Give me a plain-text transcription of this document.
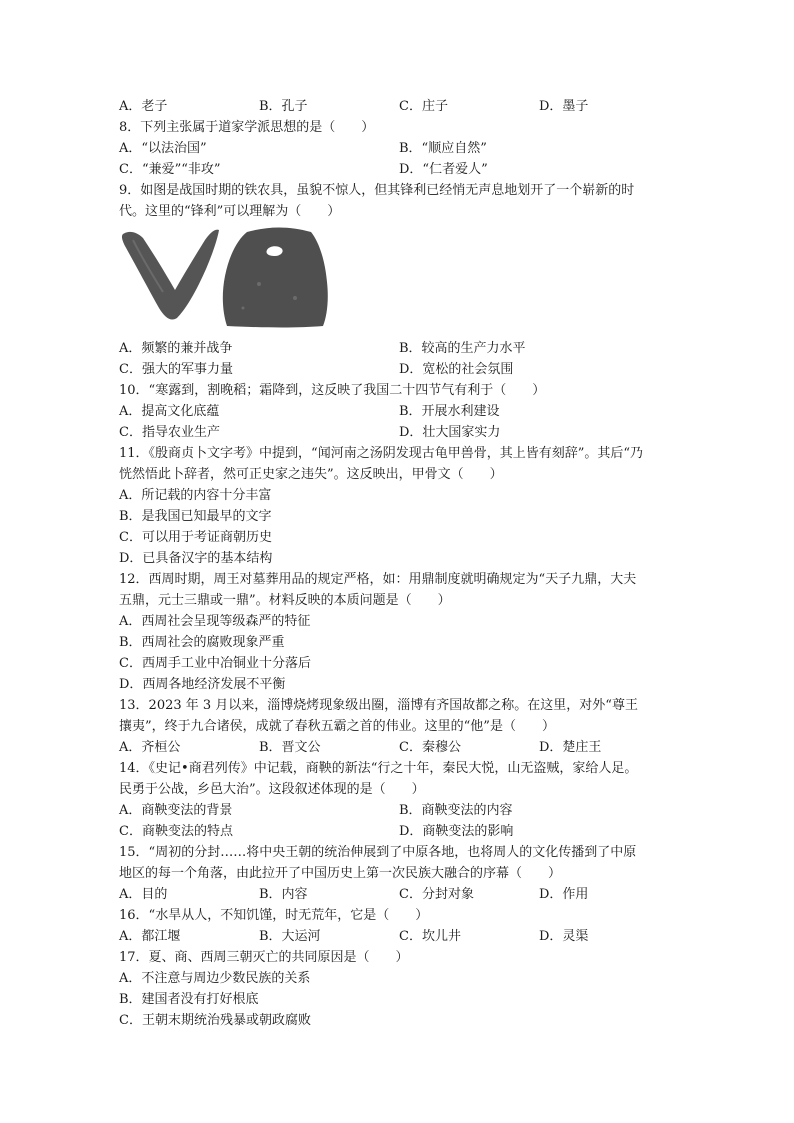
A．老子	B．孔子	C．庄子	D．墨子
8．下列主张属于道家学派思想的是（　　）
A．“以法治国”	B．“顺应自然”
C．“兼爱”“非攻”	D．“仁者爱人”
9．如图是战国时期的铁农具，虽貌不惊人，但其锋利已经悄无声息地划开了一个崭新的时
代。这里的“锋利”可以理解为（　　）
A．频繁的兼并战争	B．较高的生产力水平
C．强大的军事力量	D．宽松的社会氛围
10．“寒露到，割晚稻；霜降到，这反映了我国二十四节气有利于（　　）
A．提高文化底蕴	B．开展水利建设
C．指导农业生产	D．壮大国家实力
11．《殷商贞卜文字考》中提到，“闻河南之汤阴发现古龟甲兽骨，其上皆有刻辞”。其后“乃
恍然悟此卜辞者，然可正史家之违失”。这反映出，甲骨文（　　）
A．所记载的内容十分丰富
B．是我国已知最早的文字
C．可以用于考证商朝历史
D．已具备汉字的基本结构
12．西周时期，周王对墓葬用品的规定严格，如：用鼎制度就明确规定为“天子九鼎，大夫
五鼎，元士三鼎或一鼎”。材料反映的本质问题是（　　）
A．西周社会呈现等级森严的特征
B．西周社会的腐败现象严重
C．西周手工业中冶铜业十分落后
D．西周各地经济发展不平衡
13．2023 年 3 月以来，淄博烧烤现象级出圈，淄博有齐国故都之称。在这里，对外“尊王
攘夷”，终于九合诸侯，成就了春秋五霸之首的伟业。这里的“他”是（　　）
A．齐桓公	B．晋文公	C．秦穆公	D．楚庄王
14．《史记•商君列传》中记载，商鞅的新法“行之十年，秦民大悦，山无盗贼，家给人足。
民勇于公战，乡邑大治”。这段叙述体现的是（　　）
A．商鞅变法的背景	B．商鞅变法的内容
C．商鞅变法的特点	D．商鞅变法的影响
15．“周初的分封……将中央王朝的统治伸展到了中原各地，也将周人的文化传播到了中原
地区的每一个角落，由此拉开了中国历史上第一次民族大融合的序幕（　　）
A．目的	B．内容	C．分封对象	D．作用
16．“水旱从人，不知饥馑，时无荒年，它是（　　）
A．都江堰	B．大运河	C．坎儿井	D．灵渠
17．夏、商、西周三朝灭亡的共同原因是（　　）
A．不注意与周边少数民族的关系
B．建国者没有打好根底
C．王朝末期统治残暴或朝政腐败
